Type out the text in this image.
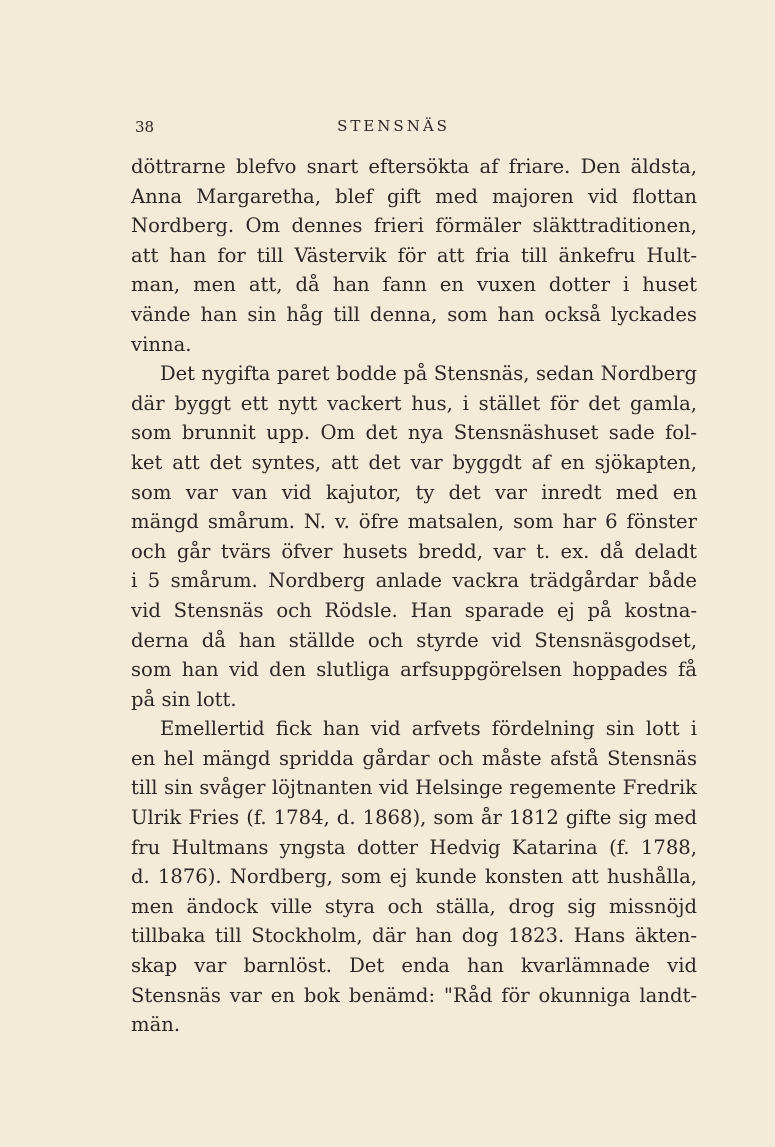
38	STENSNÄS
döttrarne blefvo snart eftersökta af friare. Den äldsta,
Anna Margaretha, blef gift med majoren vid flottan
Nordberg. Om dennes frieri förmäler släkttraditionen,
att han for till Västervik för att fria till änkefru Hult-
man, men att, då han fann en vuxen dotter i huset
vände han sin håg till denna, som han också lyckades
vinna.
Det nygifta paret bodde på Stensnäs, sedan Nordberg
där byggt ett nytt vackert hus, i stället för det gamla,
som brunnit upp. Om det nya Stensnäshuset sade fol-
ket att det syntes, att det var byggdt af en sjökapten,
som var van vid kajutor, ty det var inredt med en
mängd smårum. N. v. öfre matsalen, som har 6 fönster
och går tvärs öfver husets bredd, var t. ex. då deladt
i 5 smårum. Nordberg anlade vackra trädgårdar både
vid Stensnäs och Rödsle. Han sparade ej på kostna-
derna då han ställde och styrde vid Stensnäsgodset,
som han vid den slutliga arfsuppgörelsen hoppades få
på sin lott.
Emellertid fick han vid arfvets fördelning sin lott i
en hel mängd spridda gårdar och måste afstå Stensnäs
till sin svåger löjtnanten vid Helsinge regemente Fredrik
Ulrik Fries (f. 1784, d. 1868), som år 1812 gifte sig med
fru Hultmans yngsta dotter Hedvig Katarina (f. 1788,
d. 1876). Nordberg, som ej kunde konsten att hushålla,
men ändock ville styra och ställa, drog sig missnöjd
tillbaka till Stockholm, där han dog 1823. Hans äkten-
skap var barnlöst. Det enda han kvarlämnade vid
Stensnäs var en bok benämd: "Råd för okunniga landt-
män.
